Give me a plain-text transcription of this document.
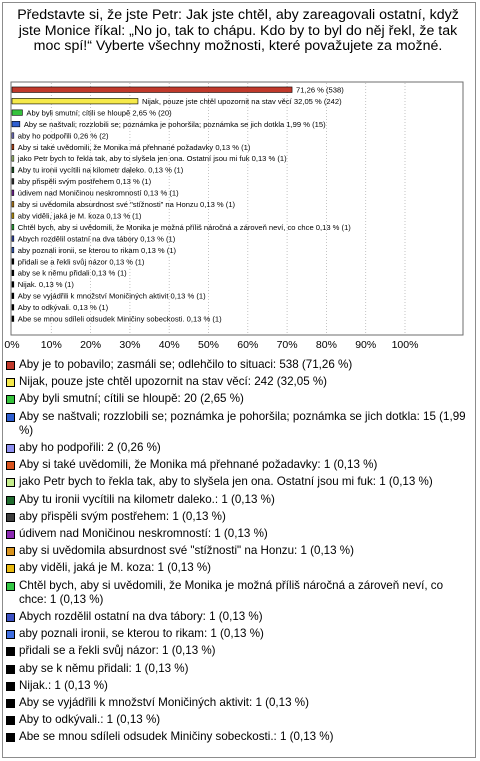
Představte si, že jste Petr: Jak jste chtěl, aby zareagovali ostatní, když jste Monice říkal: „No jo, tak to chápu. Kdo by to byl do něj řekl, že tak moc spí!“ Vyberte všechny možnosti, které považujete za možné.
71,26 % (538)
Nijak, pouze jste chtěl upozornit na stav věcí 32,05 % (242)
Aby byli smutní; cítili se hloupě 2,65 % (20)
Aby se naštvali; rozzlobili se; poznámka je pohoršila; poznámka se jich dotkla 1,99 % (15)
aby ho podpořili 0,26 % (2)
Aby si také uvědomili, že Monika má přehnané požadavky 0,13 % (1)
jako Petr bych to řekla tak, aby to slyšela jen ona. Ostatní jsou mi fuk 0,13 % (1)
Aby tu ironii vycítili na kilometr daleko. 0,13 % (1)
aby přispěli svým postřehem 0,13 % (1)
údivem nad Moničinou neskromností 0,13 % (1)
aby si uvědomila absurdnost své "stížnosti" na Honzu 0,13 % (1)
aby viděli, jaká je M. koza 0,13 % (1)
Chtěl bych, aby si uvědomili, že Monika je možná příliš náročná a zároveň neví, co chce 0,13 % (1)
Abych rozdělil ostatní na dva tábory 0,13 % (1)
aby poznali ironii, se kterou to rikam 0,13 % (1)
přidali se a řekli svůj názor 0,13 % (1)
aby se k němu přidali 0,13 % (1)
Nijak. 0,13 % (1)
Aby se vyjádřili k množství Moničiných aktivit 0,13 % (1)
Aby to odkývali. 0,13 % (1)
Abe se mnou sdíleli odsudek Miničiny sobeckosti. 0,13 % (1)
0% 10% 20% 30% 40% 50% 60% 70% 80% 90% 100%
Aby je to pobavilo; zasmáli se; odlehčilo to situaci: 538 (71,26 %)
Nijak, pouze jste chtěl upozornit na stav věcí: 242 (32,05 %)
Aby byli smutní; cítili se hloupě: 20 (2,65 %)
Aby se naštvali; rozzlobili se; poznámka je pohoršila; poznámka se jich dotkla: 15 (1,99 %)
aby ho podpořili: 2 (0,26 %)
Aby si také uvědomili, že Monika má přehnané požadavky: 1 (0,13 %)
jako Petr bych to řekla tak, aby to slyšela jen ona. Ostatní jsou mi fuk: 1 (0,13 %)
Aby tu ironii vycítili na kilometr daleko.: 1 (0,13 %)
aby přispěli svým postřehem: 1 (0,13 %)
údivem nad Moničinou neskromností: 1 (0,13 %)
aby si uvědomila absurdnost své "stížnosti" na Honzu: 1 (0,13 %)
aby viděli, jaká je M. koza: 1 (0,13 %)
Chtěl bych, aby si uvědomili, že Monika je možná příliš náročná a zároveň neví, co chce: 1 (0,13 %)
Abych rozdělil ostatní na dva tábory: 1 (0,13 %)
aby poznali ironii, se kterou to rikam: 1 (0,13 %)
přidali se a řekli svůj názor: 1 (0,13 %)
aby se k němu přidali: 1 (0,13 %)
Nijak.: 1 (0,13 %)
Aby se vyjádřili k množství Moničiných aktivit: 1 (0,13 %)
Aby to odkývali.: 1 (0,13 %)
Abe se mnou sdíleli odsudek Miničiny sobeckosti.: 1 (0,13 %)
